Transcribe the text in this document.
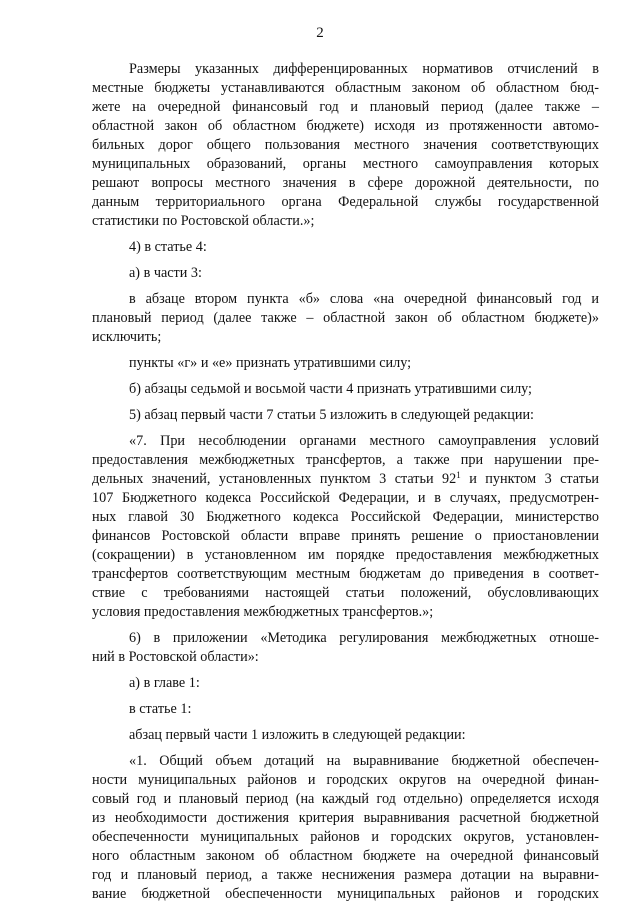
2
Размеры указанных дифференцированных нормативов отчислений в
местные бюджеты устанавливаются областным законом об областном бюд-
жете на очередной финансовый год и плановый период (далее также –
областной закон об областном бюджете) исходя из протяженности автомо-
бильных дорог общего пользования местного значения соответствующих
муниципальных образований, органы местного самоуправления которых
решают вопросы местного значения в сфере дорожной деятельности, по
данным территориального органа Федеральной службы государственной
статистики по Ростовской области.»;
4) в статье 4:
а) в части 3:
в абзаце втором пункта «б» слова «на очередной финансовый год и
плановый период (далее также – областной закон об областном бюджете)»
исключить;
пункты «г» и «е» признать утратившими силу;
б) абзацы седьмой и восьмой части 4 признать утратившими силу;
5) абзац первый части 7 статьи 5 изложить в следующей редакции:
«7. При несоблюдении органами местного самоуправления условий
предоставления межбюджетных трансфертов, а также при нарушении пре-
дельных значений, установленных пунктом 3 статьи $92^1$ и пунктом 3 статьи
107 Бюджетного кодекса Российской Федерации, и в случаях, предусмотрен-
ных главой 30 Бюджетного кодекса Российской Федерации, министерство
финансов Ростовской области вправе принять решение о приостановлении
(сокращении) в установленном им порядке предоставления межбюджетных
трансфертов соответствующим местным бюджетам до приведения в соответ-
ствие с требованиями настоящей статьи положений, обусловливающих
условия предоставления межбюджетных трансфертов.»;
6) в приложении «Методика регулирования межбюджетных отноше-
ний в Ростовской области»:
а) в главе 1:
в статье 1:
абзац первый части 1 изложить в следующей редакции:
«1. Общий объем дотаций на выравнивание бюджетной обеспечен-
ности муниципальных районов и городских округов на очередной финан-
совый год и плановый период (на каждый год отдельно) определяется исходя
из необходимости достижения критерия выравнивания расчетной бюджетной
обеспеченности муниципальных районов и городских округов, установлен-
ного областным законом об областном бюджете на очередной финансовый
год и плановый период, а также неснижения размера дотации на выравни-
вание бюджетной обеспеченности муниципальных районов и городских
